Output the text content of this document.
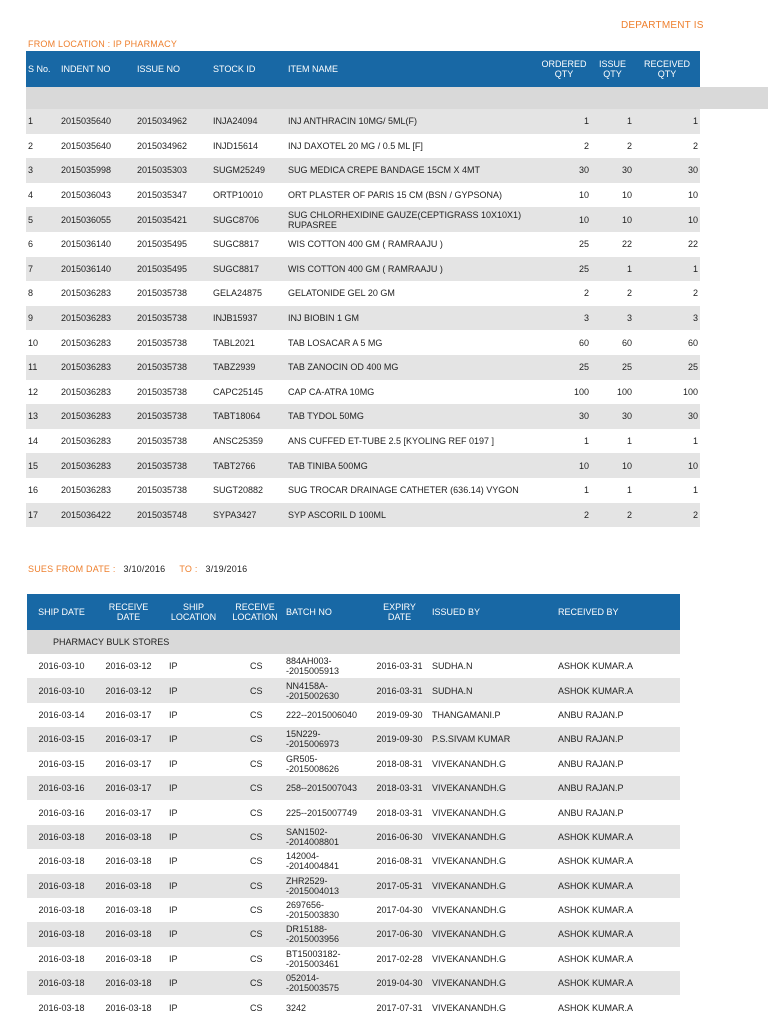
DEPARTMENT IS
FROM LOCATION : IP PHARMACY
S No.	INDENT NO	ISSUE NO	STOCK ID	ITEM NAME	ORDERED QTY	ISSUE QTY	RECEIVED QTY

1	2015035640	2015034962	INJA24094	INJ ANTHRACIN 10MG/ 5ML(F)	1	1	1
2	2015035640	2015034962	INJD15614	INJ DAXOTEL 20 MG / 0.5 ML [F]	2	2	2
3	2015035998	2015035303	SUGM25249	SUG MEDICA CREPE BANDAGE 15CM X 4MT	30	30	30
4	2015036043	2015035347	ORTP10010	ORT PLASTER OF PARIS 15 CM (BSN / GYPSONA)	10	10	10
5	2015036055	2015035421	SUGC8706	SUG CHLORHEXIDINE GAUZE(CEPTIGRASS 10X10X1) RUPASREE	10	10	10
6	2015036140	2015035495	SUGC8817	WIS COTTON 400 GM ( RAMRAAJU )	25	22	22
7	2015036140	2015035495	SUGC8817	WIS COTTON 400 GM ( RAMRAAJU )	25	1	1
8	2015036283	2015035738	GELA24875	GELATONIDE GEL 20 GM	2	2	2
9	2015036283	2015035738	INJB15937	INJ BIOBIN 1 GM	3	3	3
10	2015036283	2015035738	TABL2021	TAB LOSACAR A 5 MG	60	60	60
11	2015036283	2015035738	TABZ2939	TAB ZANOCIN OD 400 MG	25	25	25
12	2015036283	2015035738	CAPC25145	CAP CA-ATRA 10MG	100	100	100
13	2015036283	2015035738	TABT18064	TAB TYDOL 50MG	30	30	30
14	2015036283	2015035738	ANSC25359	ANS CUFFED ET-TUBE 2.5 [KYOLING REF 0197 ]	1	1	1
15	2015036283	2015035738	TABT2766	TAB TINIBA 500MG	10	10	10
16	2015036283	2015035738	SUGT20882	SUG TROCAR DRAINAGE CATHETER (636.14) VYGON	1	1	1
17	2015036422	2015035748	SYPA3427	SYP ASCORIL D 100ML	2	2	2
SUES FROM DATE : 3/10/2016 TO : 3/19/2016
SHIP DATE	RECEIVE DATE	SHIP LOCATION	RECEIVE LOCATION	BATCH NO	EXPIRY DATE	ISSUED BY	RECEIVED BY
PHARMACY BULK STORES							
2016-03-10	2016-03-12	IP	CS	884AH003--2015005913	2016-03-31	SUDHA.N	ASHOK KUMAR.A
2016-03-10	2016-03-12	IP	CS	NN4158A--2015002630	2016-03-31	SUDHA.N	ASHOK KUMAR.A
2016-03-14	2016-03-17	IP	CS	222--2015006040	2019-09-30	THANGAMANI.P	ANBU RAJAN.P
2016-03-15	2016-03-17	IP	CS	15N229--2015006973	2019-09-30	P.S.SIVAM KUMAR	ANBU RAJAN.P
2016-03-15	2016-03-17	IP	CS	GR505--2015008626	2018-08-31	VIVEKANANDH.G	ANBU RAJAN.P
2016-03-16	2016-03-17	IP	CS	258--2015007043	2018-03-31	VIVEKANANDH.G	ANBU RAJAN.P
2016-03-16	2016-03-17	IP	CS	225--2015007749	2018-03-31	VIVEKANANDH.G	ANBU RAJAN.P
2016-03-18	2016-03-18	IP	CS	SAN1502--2014008801	2016-06-30	VIVEKANANDH.G	ASHOK KUMAR.A
2016-03-18	2016-03-18	IP	CS	142004--2014004841	2016-08-31	VIVEKANANDH.G	ASHOK KUMAR.A
2016-03-18	2016-03-18	IP	CS	ZHR2529--2015004013	2017-05-31	VIVEKANANDH.G	ASHOK KUMAR.A
2016-03-18	2016-03-18	IP	CS	2697656--2015003830	2017-04-30	VIVEKANANDH.G	ASHOK KUMAR.A
2016-03-18	2016-03-18	IP	CS	DR15188--2015003956	2017-06-30	VIVEKANANDH.G	ASHOK KUMAR.A
2016-03-18	2016-03-18	IP	CS	BT15003182--2015003461	2017-02-28	VIVEKANANDH.G	ASHOK KUMAR.A
2016-03-18	2016-03-18	IP	CS	052014--2015003575	2019-04-30	VIVEKANANDH.G	ASHOK KUMAR.A
2016-03-18	2016-03-18	IP	CS	3242	2017-07-31	VIVEKANANDH.G	ASHOK KUMAR.A
